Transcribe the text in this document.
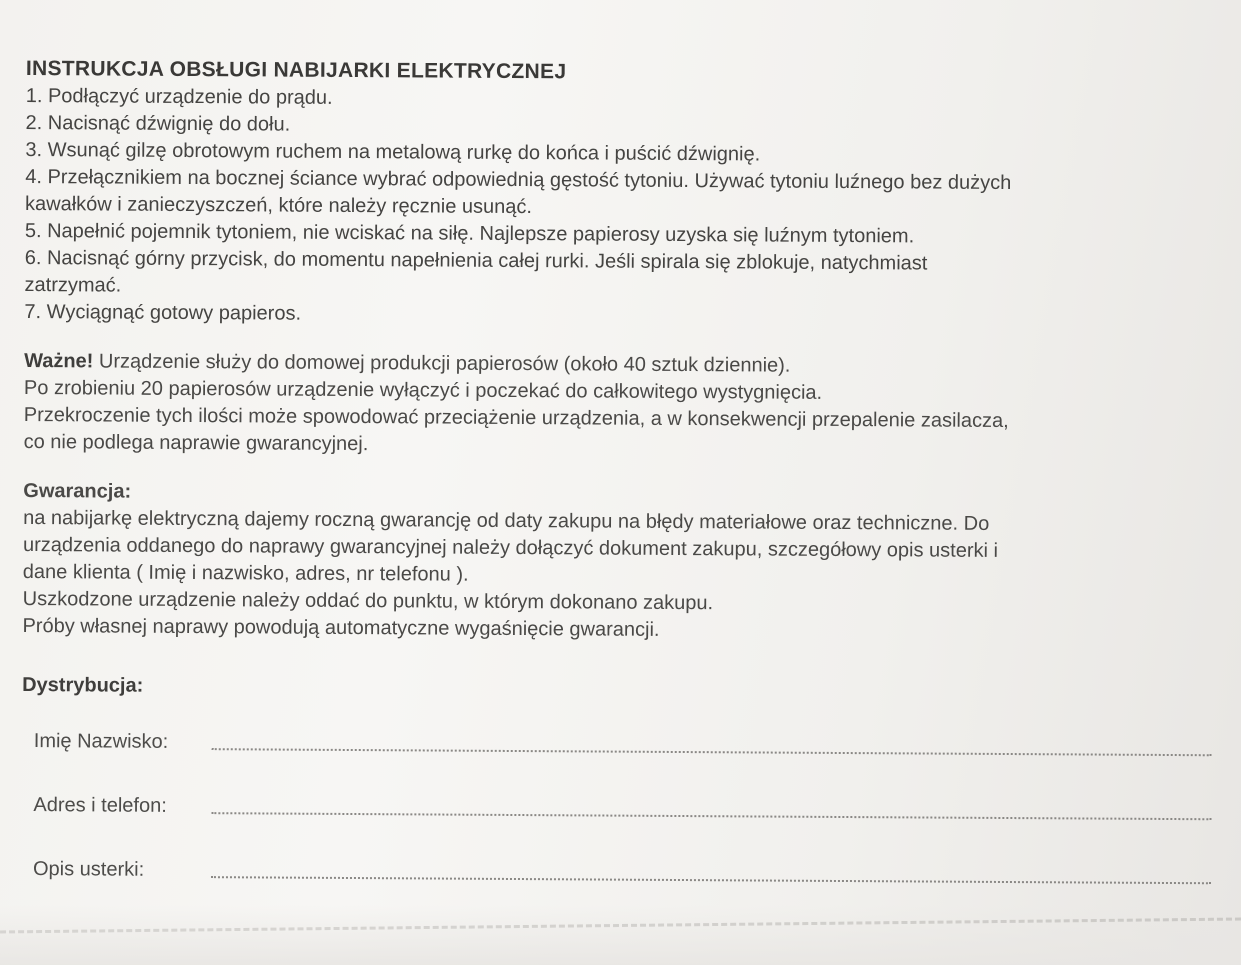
INSTRUKCJA OBSŁUGI NABIJARKI ELEKTRYCZNEJ
1. Podłączyć urządzenie do prądu.
2. Nacisnąć dźwignię do dołu.
3. Wsunąć gilzę obrotowym ruchem na metalową rurkę do końca i puścić dźwignię.
4. Przełącznikiem na bocznej ściance wybrać odpowiednią gęstość tytoniu. Używać tytoniu luźnego bez dużych
kawałków i zanieczyszczeń, które należy ręcznie usunąć.
5. Napełnić pojemnik tytoniem, nie wciskać na siłę. Najlepsze papierosy uzyska się luźnym tytoniem.
6. Nacisnąć górny przycisk, do momentu napełnienia całej rurki. Jeśli spirala się zblokuje, natychmiast
zatrzymać.
7. Wyciągnąć gotowy papieros.

Ważne! Urządzenie służy do domowej produkcji papierosów (około 40 sztuk dziennie).

Po zrobieniu 20 papierosów urządzenie wyłączyć i poczekać do całkowitego wystygnięcia.

Przekroczenie tych ilości może spowodować przeciążenie urządzenia, a w konsekwencji przepalenie zasilacza,

co nie podlega naprawie gwarancyjnej.

Gwarancja:

na nabijarkę elektryczną dajemy roczną gwarancję od daty zakupu na błędy materiałowe oraz techniczne. Do

urządzenia oddanego do naprawy gwarancyjnej należy dołączyć dokument zakupu, szczegółowy opis usterki i

dane klienta ( Imię i nazwisko, adres, nr telefonu ).

Uszkodzone urządzenie należy oddać do punktu, w którym dokonano zakupu.

Próby własnej naprawy powodują automatyczne wygaśnięcie gwarancji.

Dystrybucja:
Imię Nazwisko:
Adres i telefon:
Opis usterki:
